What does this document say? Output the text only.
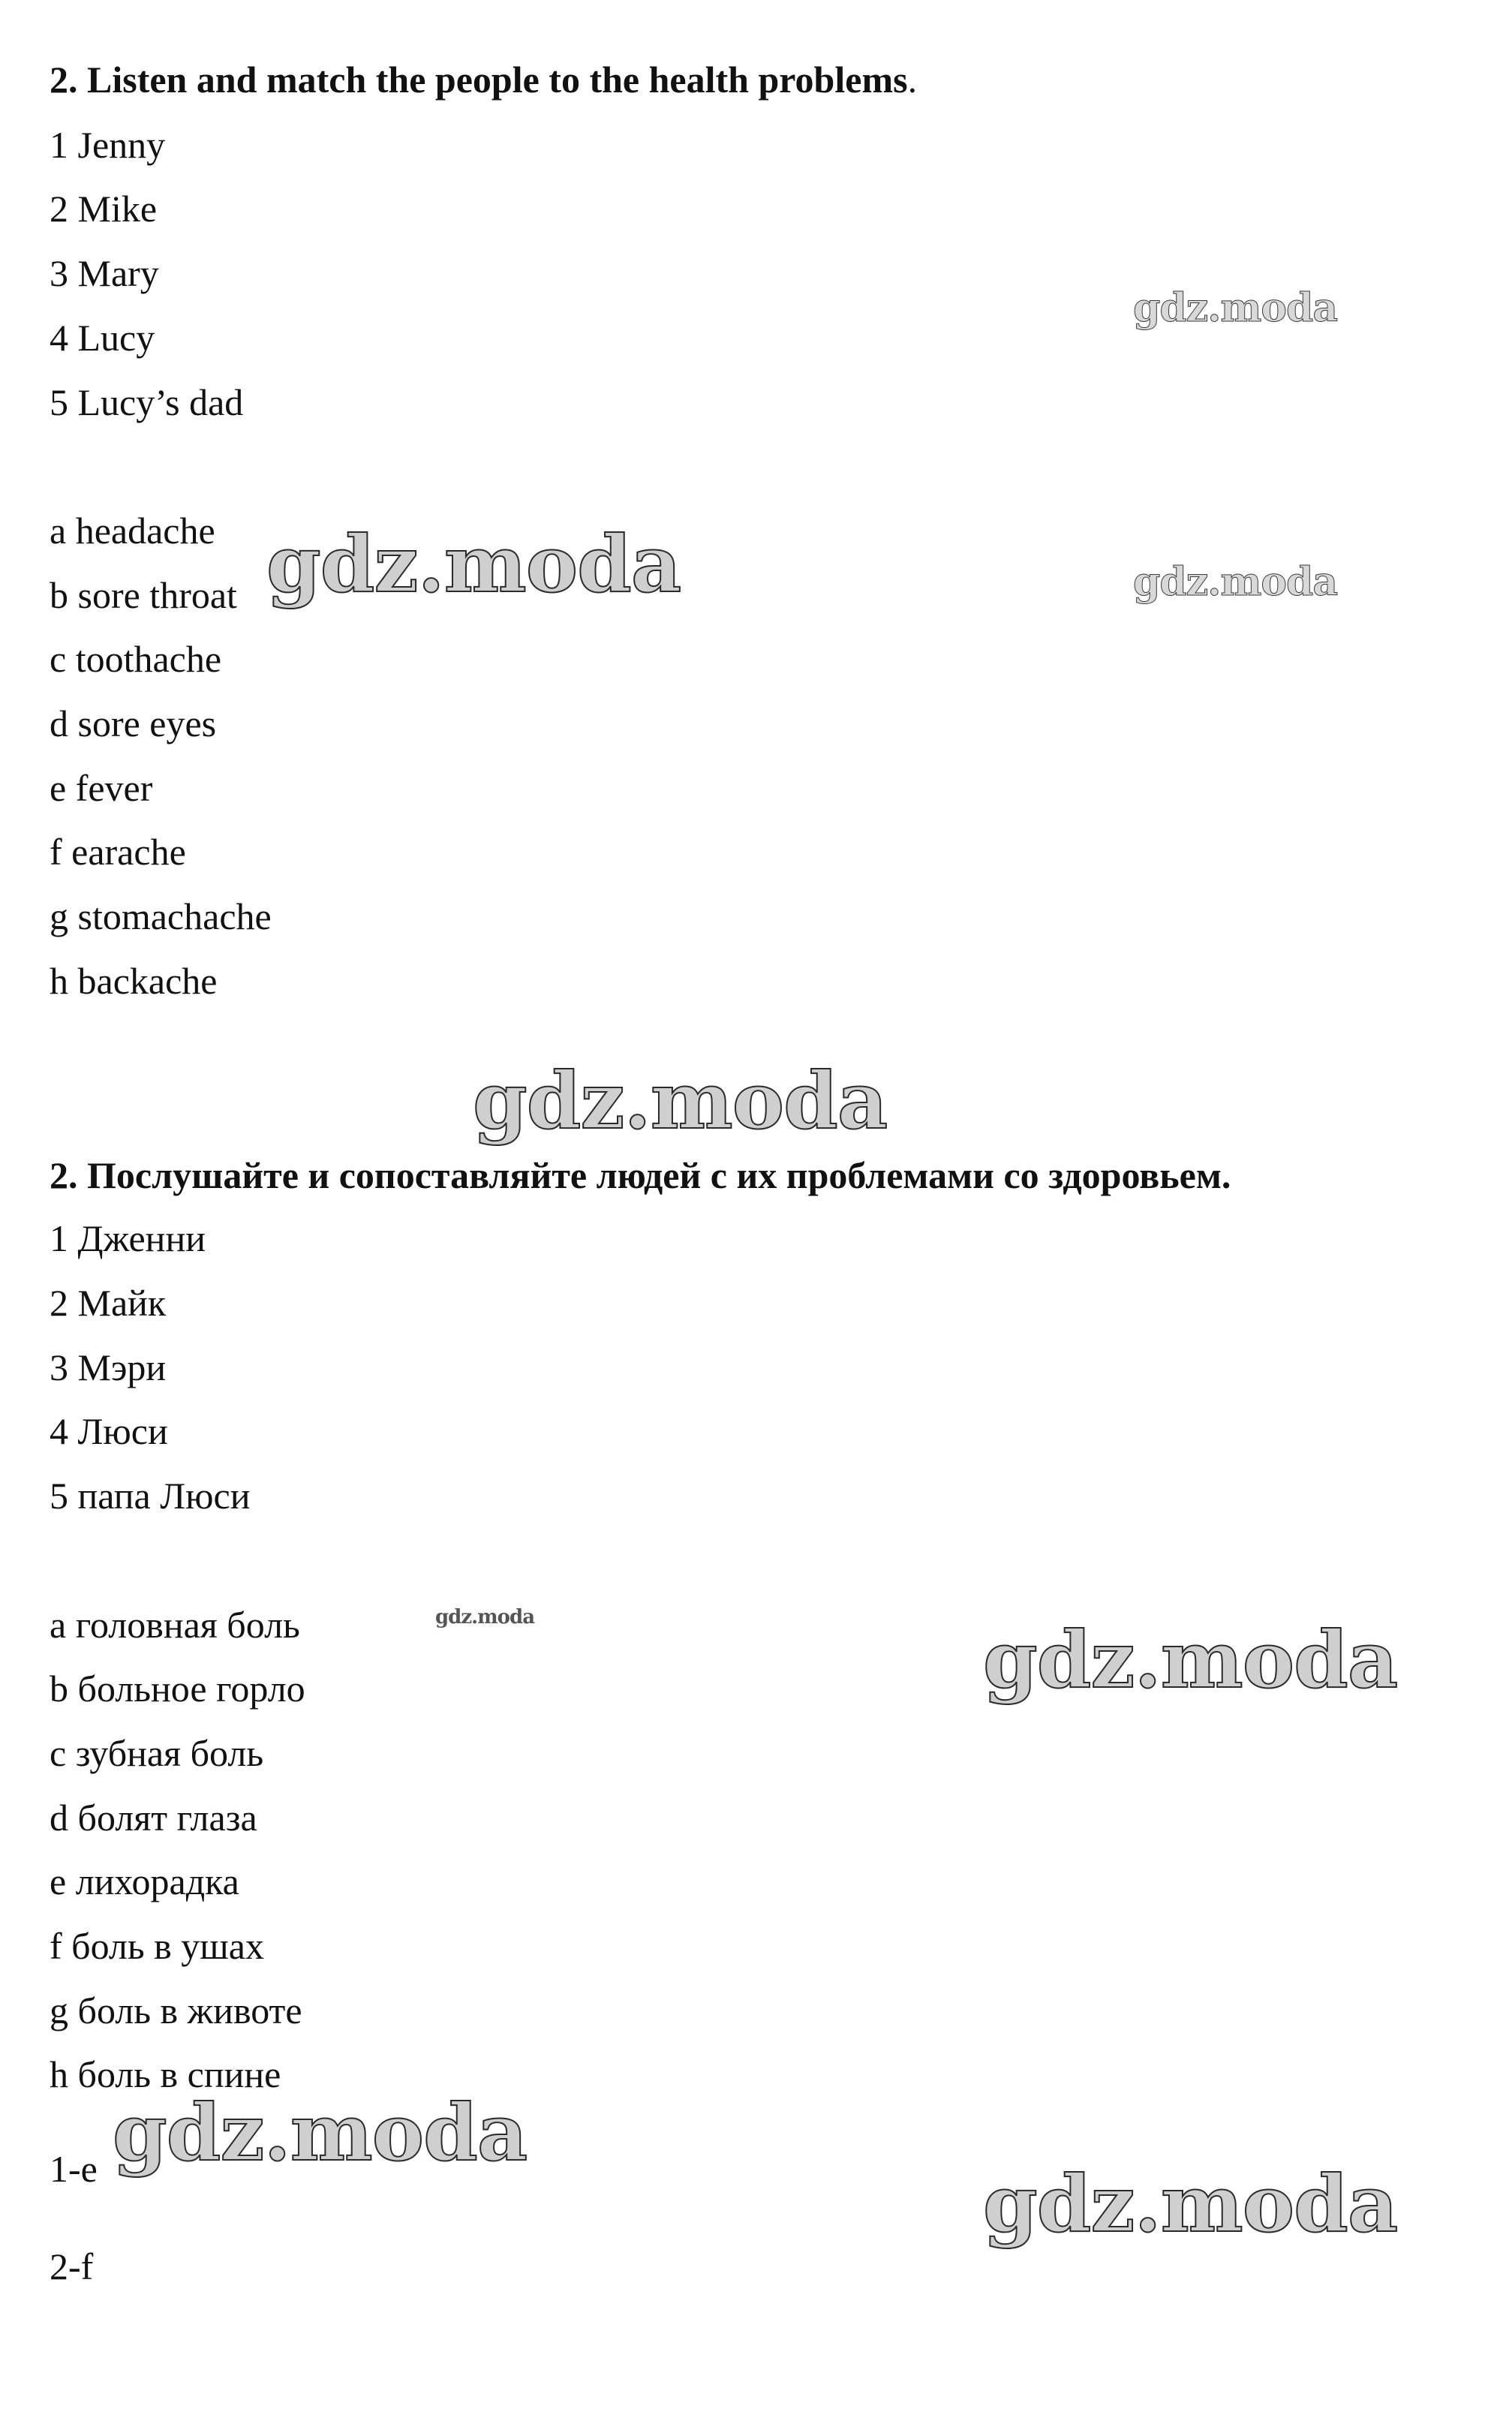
2. Listen and match the people to the health problems.
1 Jenny
2 Mike
3 Mary
4 Lucy
5 Lucy’s dad
a headache
b sore throat
c toothache
d sore eyes
e fever
f earache
g stomachache
h backache
2. Послушайте и сопоставляйте людей с их проблемами со здоровьем.
1 Дженни
2 Майк
3 Мэри
4 Люси
5 папа Люси
a головная боль
b больное горло
c зубная боль
d болят глаза
e лихорадка
f боль в ушах
g боль в животе
h боль в спине
1-e
2-f
gdz.moda
gdz.moda	gdz.moda
gdz.moda
gdz.moda	gdz.moda
gdz.moda
gdz.moda
